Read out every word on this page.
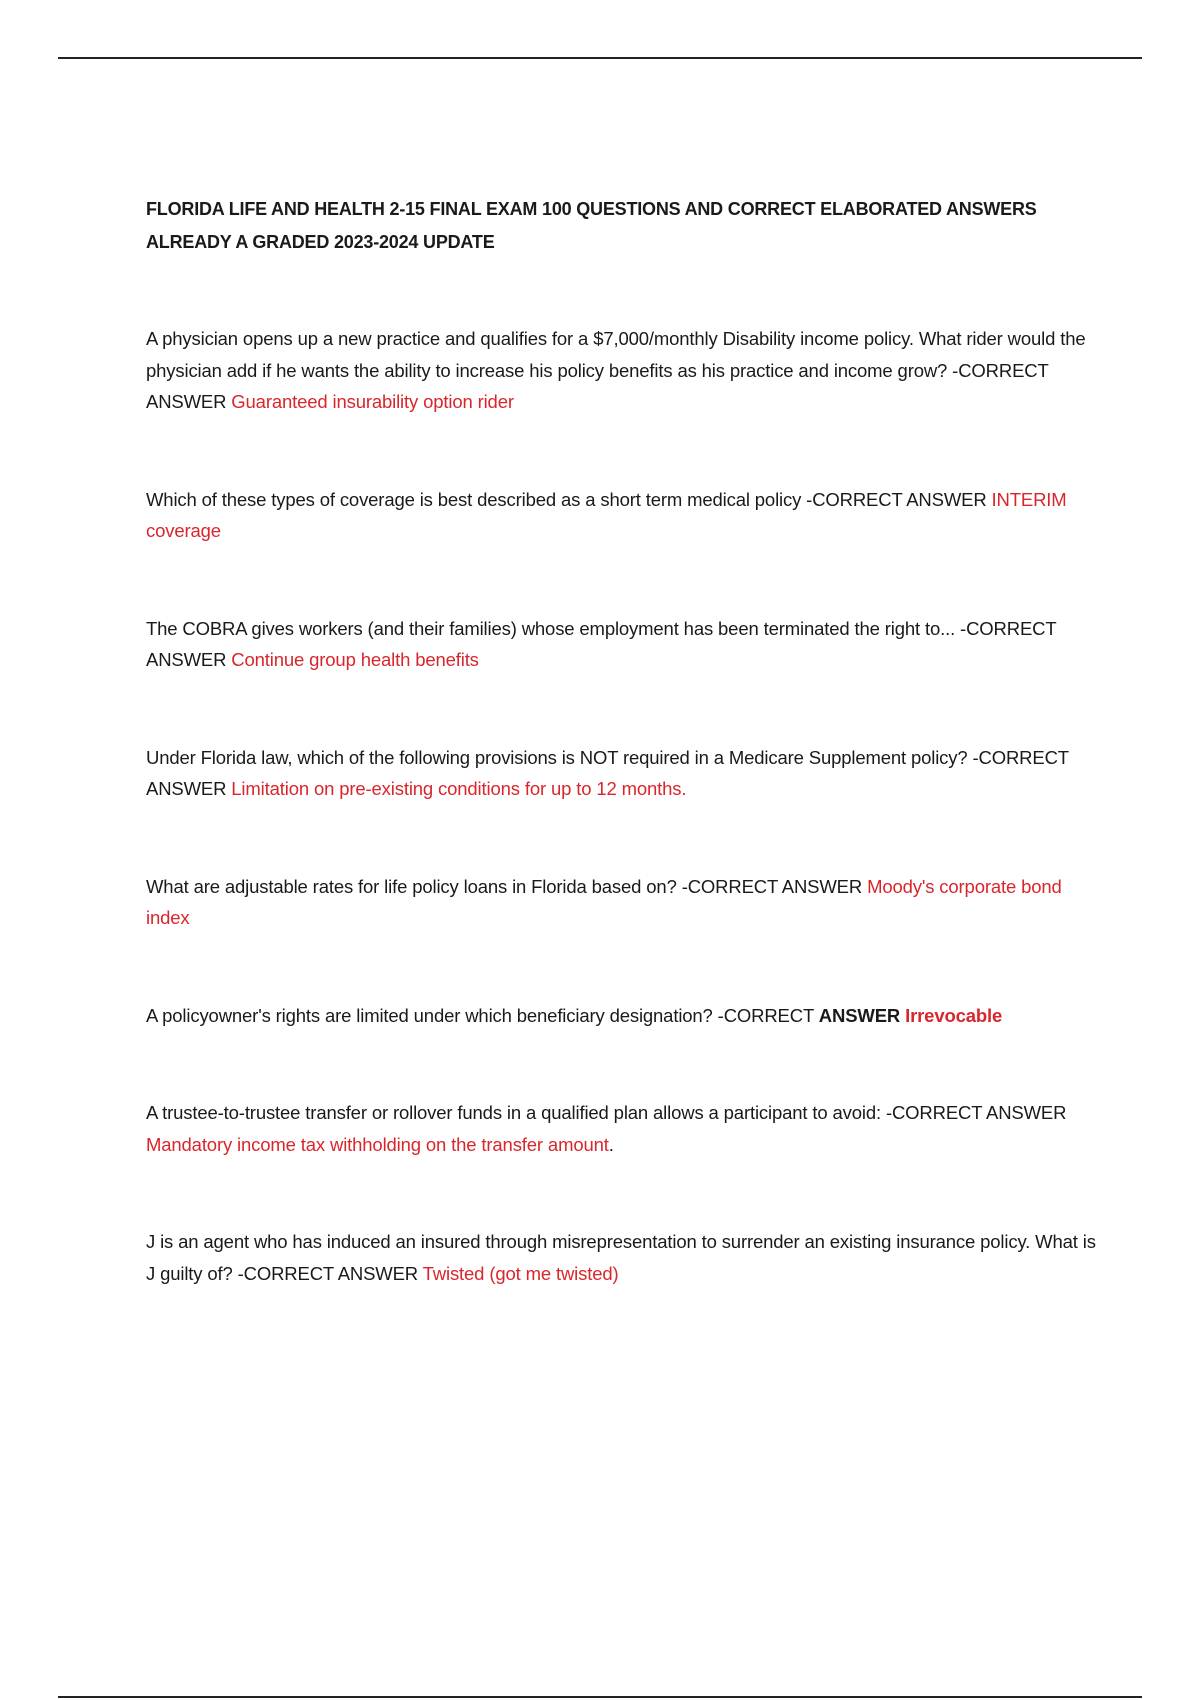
FLORIDA LIFE AND HEALTH 2-15 FINAL EXAM 100 QUESTIONS AND CORRECT ELABORATED ANSWERS ALREADY A GRADED 2023-2024 UPDATE
A physician opens up a new practice and qualifies for a $7,000/monthly Disability income policy. What rider would the physician add if he wants the ability to increase his policy benefits as his practice and income grow? -CORRECT ANSWER Guaranteed insurability option rider
Which of these types of coverage is best described as a short term medical policy -CORRECT ANSWER INTERIM coverage
The COBRA gives workers (and their families) whose employment has been terminated the right to... -CORRECT ANSWER Continue group health benefits
Under Florida law, which of the following provisions is NOT required in a Medicare Supplement policy? -CORRECT ANSWER Limitation on pre-existing conditions for up to 12 months.
What are adjustable rates for life policy loans in Florida based on? -CORRECT ANSWER Moody's corporate bond index
A policyowner's rights are limited under which beneficiary designation? -CORRECT ANSWER Irrevocable
A trustee-to-trustee transfer or rollover funds in a qualified plan allows a participant to avoid: -CORRECT ANSWER Mandatory income tax withholding on the transfer amount.
J is an agent who has induced an insured through misrepresentation to surrender an existing insurance policy. What is J guilty of? -CORRECT ANSWER Twisted (got me twisted)
